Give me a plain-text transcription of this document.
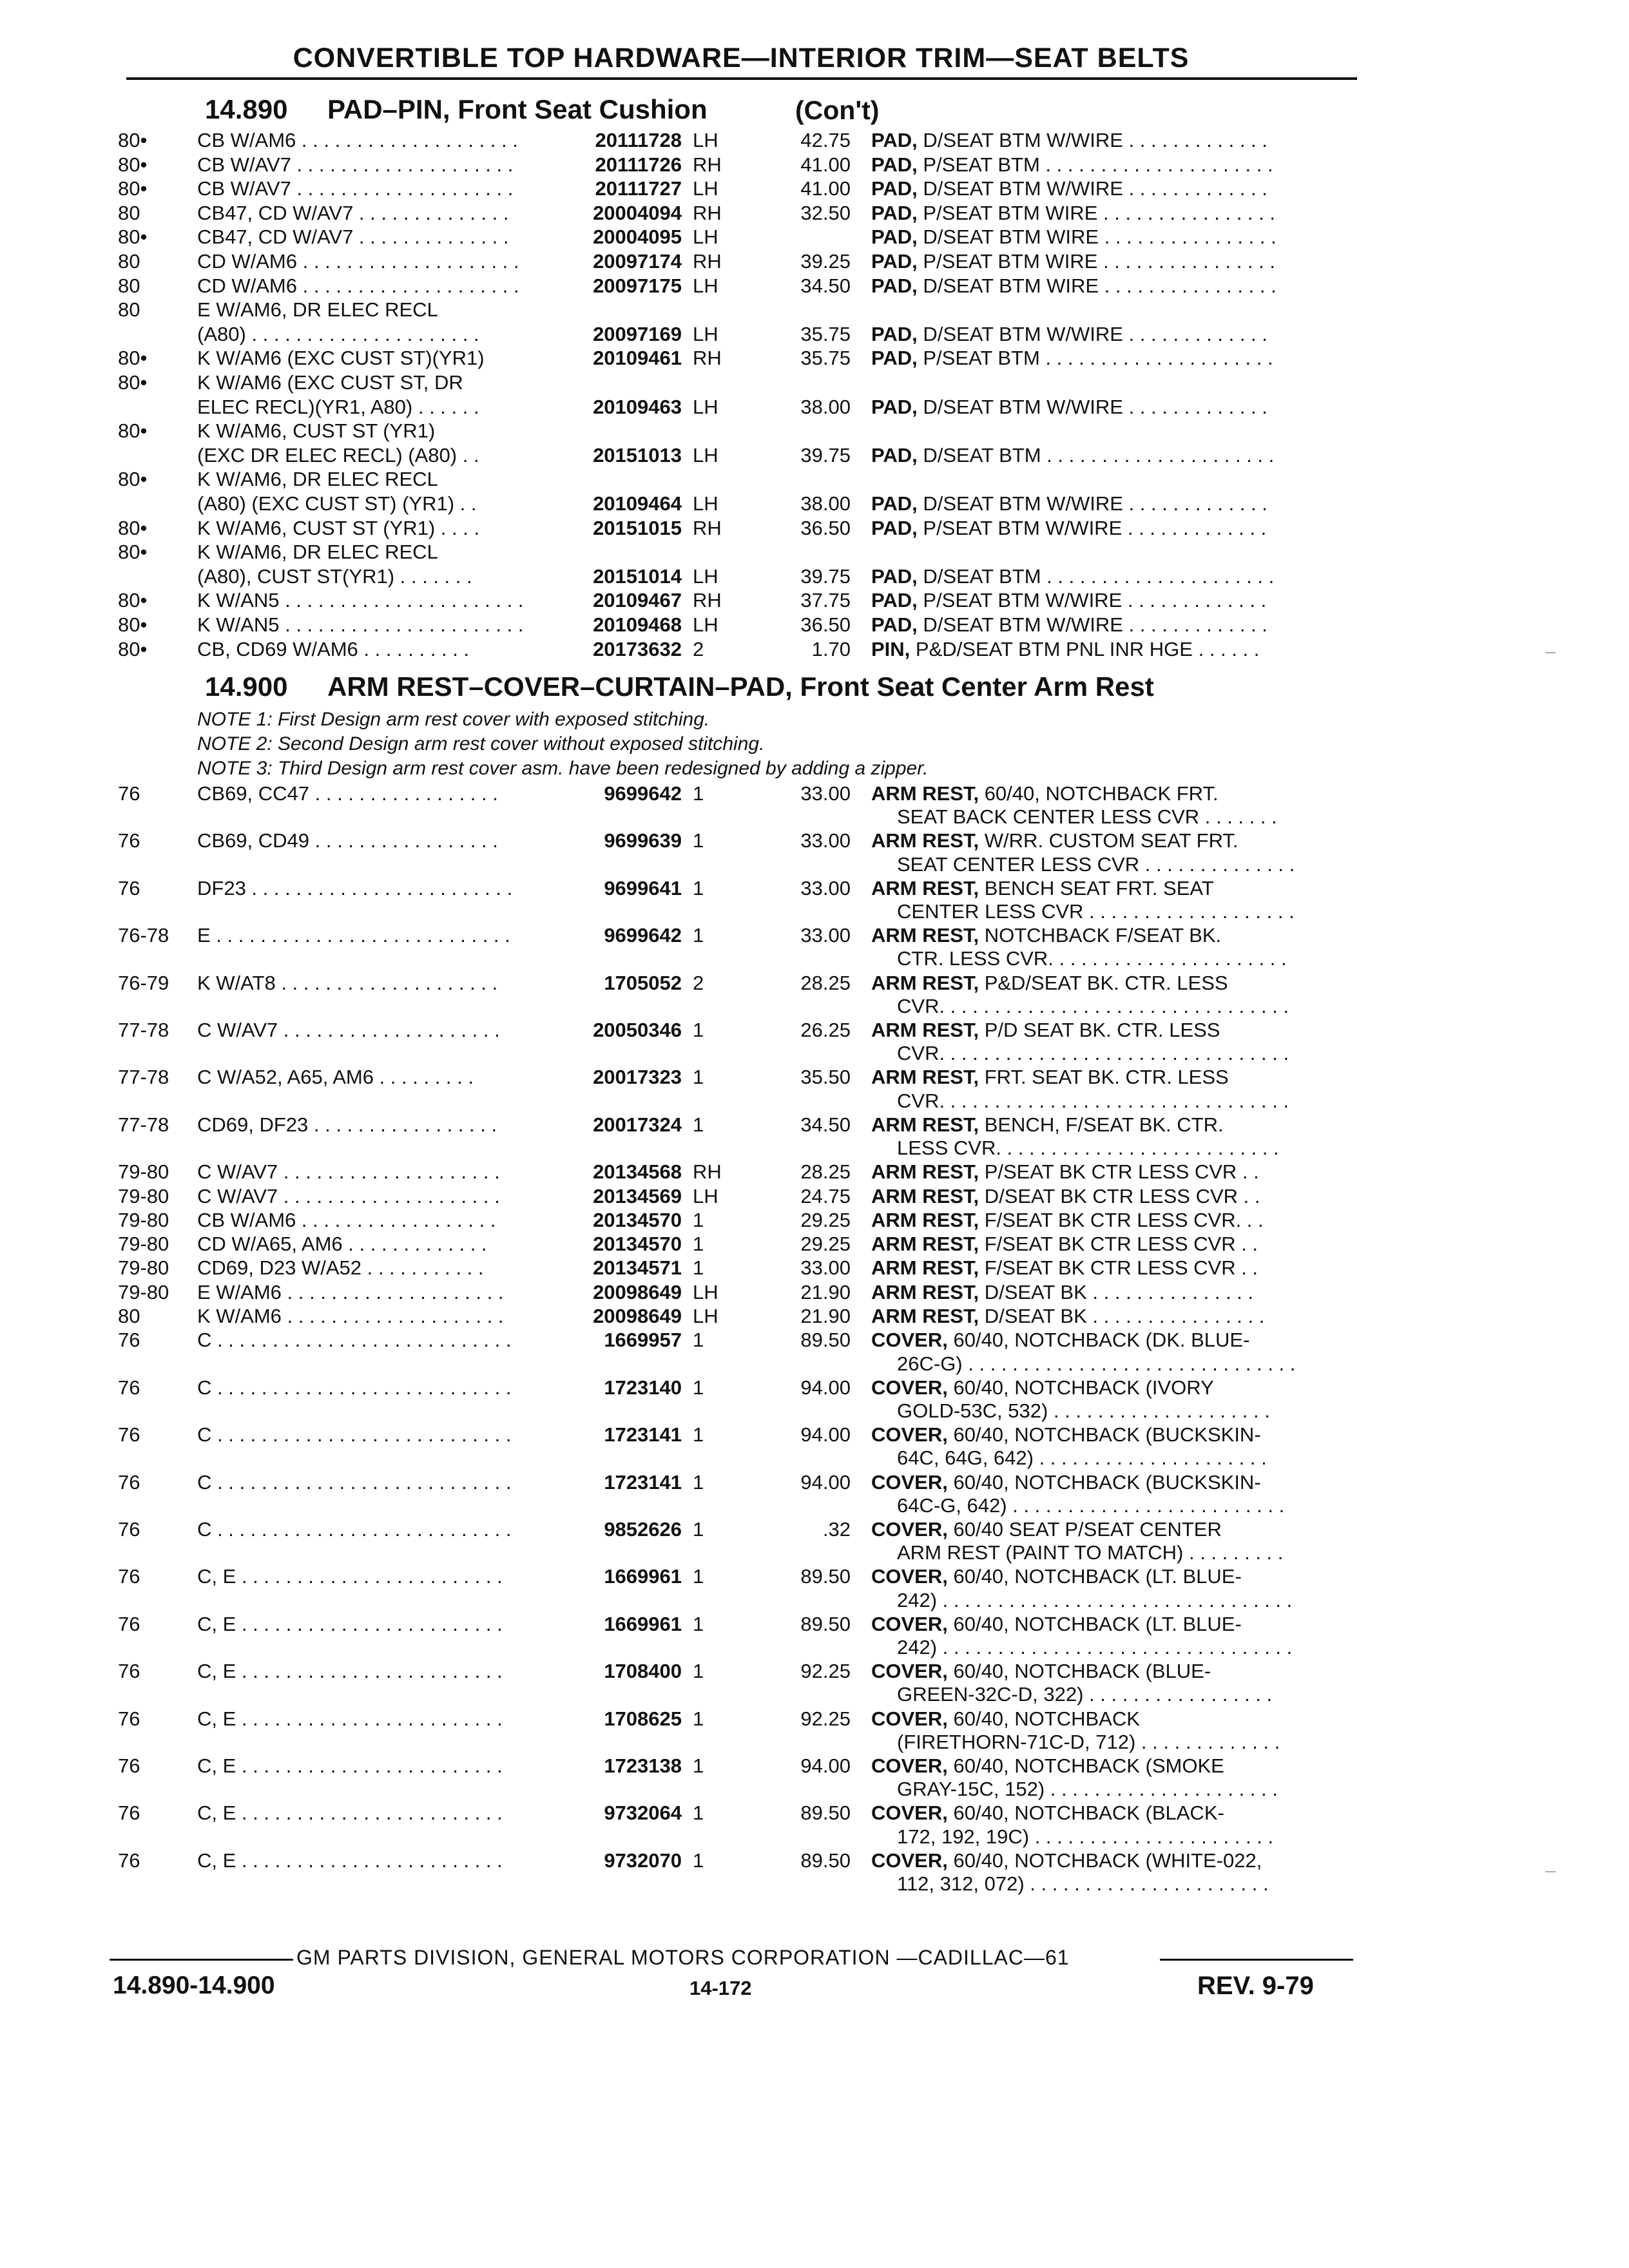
CONVERTIBLE TOP HARDWARE—INTERIOR TRIM—SEAT BELTS
14.890 PAD–PIN, Front Seat Cushion	(Con't)
80•	CB W/AM6 . . . . . . . . . . . . . . . . . . . .	20111728 LH	42.75 PAD, D/SEAT BTM W/WIRE . . . . . . . . . . . . .
80•	CB W/AV7 . . . . . . . . . . . . . . . . . . . .	20111726 RH	41.00 PAD, P/SEAT BTM . . . . . . . . . . . . . . . . . . . . .
80•	CB W/AV7 . . . . . . . . . . . . . . . . . . . .	20111727 LH	41.00 PAD, D/SEAT BTM W/WIRE . . . . . . . . . . . . .
80	CB47, CD W/AV7 . . . . . . . . . . . . . .	20004094 RH	32.50 PAD, P/SEAT BTM WIRE . . . . . . . . . . . . . . . .
80•	CB47, CD W/AV7 . . . . . . . . . . . . . .	20004095 LH	PAD, D/SEAT BTM WIRE . . . . . . . . . . . . . . . .
80	CD W/AM6 . . . . . . . . . . . . . . . . . . . .	20097174 RH	39.25 PAD, P/SEAT BTM WIRE . . . . . . . . . . . . . . . .
80	CD W/AM6 . . . . . . . . . . . . . . . . . . . .	20097175 LH	34.50 PAD, D/SEAT BTM WIRE . . . . . . . . . . . . . . . .
80	E W/AM6, DR ELEC RECL
(A80) . . . . . . . . . . . . . . . . . . . . .	20097169 LH	35.75 PAD, D/SEAT BTM W/WIRE . . . . . . . . . . . . .
80•	K W/AM6 (EXC CUST ST)(YR1)	20109461 RH	35.75 PAD, P/SEAT BTM . . . . . . . . . . . . . . . . . . . . .
80•	K W/AM6 (EXC CUST ST, DR
ELEC RECL)(YR1, A80) . . . . . .	20109463 LH	38.00 PAD, D/SEAT BTM W/WIRE . . . . . . . . . . . . .
80•	K W/AM6, CUST ST (YR1)
(EXC DR ELEC RECL) (A80) . .	20151013 LH	39.75 PAD, D/SEAT BTM . . . . . . . . . . . . . . . . . . . . .
80•	K W/AM6, DR ELEC RECL
(A80) (EXC CUST ST) (YR1) . .	20109464 LH	38.00 PAD, D/SEAT BTM W/WIRE . . . . . . . . . . . . .
80•	K W/AM6, CUST ST (YR1) . . . .	20151015 RH	36.50 PAD, P/SEAT BTM W/WIRE . . . . . . . . . . . . .
80•	K W/AM6, DR ELEC RECL
(A80), CUST ST(YR1) . . . . . . .	20151014 LH	39.75 PAD, D/SEAT BTM . . . . . . . . . . . . . . . . . . . . .
80•	K W/AN5 . . . . . . . . . . . . . . . . . . . . . .	20109467 RH	37.75 PAD, P/SEAT BTM W/WIRE . . . . . . . . . . . . .
80•	K W/AN5 . . . . . . . . . . . . . . . . . . . . . .	20109468 LH	36.50 PAD, D/SEAT BTM W/WIRE . . . . . . . . . . . . .
80•	CB, CD69 W/AM6 . . . . . . . . . .	20173632 2	1.70 PIN, P&D/SEAT BTM PNL INR HGE . . . . . .
14.900 ARM REST–COVER–CURTAIN–PAD, Front Seat Center Arm Rest
NOTE 1: First Design arm rest cover with exposed stitching.
NOTE 2: Second Design arm rest cover without exposed stitching.
NOTE 3: Third Design arm rest cover asm. have been redesigned by adding a zipper.
76	CB69, CC47 . . . . . . . . . . . . . . . . .	9699642 1	33.00 ARM REST, 60/40, NOTCHBACK FRT.
SEAT BACK CENTER LESS CVR . . . . . . .
76	CB69, CD49 . . . . . . . . . . . . . . . . .	9699639 1	33.00 ARM REST, W/RR. CUSTOM SEAT FRT.
SEAT CENTER LESS CVR . . . . . . . . . . . . . .
76	DF23 . . . . . . . . . . . . . . . . . . . . . . . .	9699641 1	33.00 ARM REST, BENCH SEAT FRT. SEAT
CENTER LESS CVR . . . . . . . . . . . . . . . . . . .
76-78	E . . . . . . . . . . . . . . . . . . . . . . . . . . .	9699642 1	33.00 ARM REST, NOTCHBACK F/SEAT BK.
CTR. LESS CVR. . . . . . . . . . . . . . . . . . . . . .
76-79	K W/AT8 . . . . . . . . . . . . . . . . . . . .	1705052 2	28.25 ARM REST, P&D/SEAT BK. CTR. LESS
CVR. . . . . . . . . . . . . . . . . . . . . . . . . . . . . . . .
77-78	C W/AV7 . . . . . . . . . . . . . . . . . . . .	20050346 1	26.25 ARM REST, P/D SEAT BK. CTR. LESS
CVR. . . . . . . . . . . . . . . . . . . . . . . . . . . . . . . .
77-78	C W/A52, A65, AM6 . . . . . . . . .	20017323 1	35.50 ARM REST, FRT. SEAT BK. CTR. LESS
CVR. . . . . . . . . . . . . . . . . . . . . . . . . . . . . . . .
77-78	CD69, DF23 . . . . . . . . . . . . . . . . .	20017324 1	34.50 ARM REST, BENCH, F/SEAT BK. CTR.
LESS CVR. . . . . . . . . . . . . . . . . . . . . . . . . .
79-80	C W/AV7 . . . . . . . . . . . . . . . . . . . .	20134568 RH	28.25 ARM REST, P/SEAT BK CTR LESS CVR . .
79-80	C W/AV7 . . . . . . . . . . . . . . . . . . . .	20134569 LH	24.75 ARM REST, D/SEAT BK CTR LESS CVR . .
79-80	CB W/AM6 . . . . . . . . . . . . . . . . . .	20134570 1	29.25 ARM REST, F/SEAT BK CTR LESS CVR. . .
79-80	CD W/A65, AM6 . . . . . . . . . . . . .	20134570 1	29.25 ARM REST, F/SEAT BK CTR LESS CVR . .
79-80	CD69, D23 W/A52 . . . . . . . . . . .	20134571 1	33.00 ARM REST, F/SEAT BK CTR LESS CVR . .
79-80	E W/AM6 . . . . . . . . . . . . . . . . . . . .	20098649 LH	21.90 ARM REST, D/SEAT BK . . . . . . . . . . . . . . .
80	K W/AM6 . . . . . . . . . . . . . . . . . . . .	20098649 LH	21.90 ARM REST, D/SEAT BK . . . . . . . . . . . . . . . .
76	C . . . . . . . . . . . . . . . . . . . . . . . . . . .	1669957 1	89.50 COVER, 60/40, NOTCHBACK (DK. BLUE-
26C-G) . . . . . . . . . . . . . . . . . . . . . . . . . . . . . .
76	C . . . . . . . . . . . . . . . . . . . . . . . . . . .	1723140 1	94.00 COVER, 60/40, NOTCHBACK (IVORY
GOLD-53C, 532) . . . . . . . . . . . . . . . . . . . .
76	C . . . . . . . . . . . . . . . . . . . . . . . . . . .	1723141 1	94.00 COVER, 60/40, NOTCHBACK (BUCKSKIN-
64C, 64G, 642) . . . . . . . . . . . . . . . . . . . . .
76	C . . . . . . . . . . . . . . . . . . . . . . . . . . .	1723141 1	94.00 COVER, 60/40, NOTCHBACK (BUCKSKIN-
64C-G, 642) . . . . . . . . . . . . . . . . . . . . . . . . .
76	C . . . . . . . . . . . . . . . . . . . . . . . . . . .	9852626 1	.32 COVER, 60/40 SEAT P/SEAT CENTER
ARM REST (PAINT TO MATCH) . . . . . . . . .
76	C, E . . . . . . . . . . . . . . . . . . . . . . . .	1669961 1	89.50 COVER, 60/40, NOTCHBACK (LT. BLUE-
242) . . . . . . . . . . . . . . . . . . . . . . . . . . . . . . . .
76	C, E . . . . . . . . . . . . . . . . . . . . . . . .	1669961 1	89.50 COVER, 60/40, NOTCHBACK (LT. BLUE-
242) . . . . . . . . . . . . . . . . . . . . . . . . . . . . . . . .
76	C, E . . . . . . . . . . . . . . . . . . . . . . . .	1708400 1	92.25 COVER, 60/40, NOTCHBACK (BLUE-
GREEN-32C-D, 322) . . . . . . . . . . . . . . . . .
76	C, E . . . . . . . . . . . . . . . . . . . . . . . .	1708625 1	92.25 COVER, 60/40, NOTCHBACK
(FIRETHORN-71C-D, 712) . . . . . . . . . . . . .
76	C, E . . . . . . . . . . . . . . . . . . . . . . . .	1723138 1	94.00 COVER, 60/40, NOTCHBACK (SMOKE
GRAY-15C, 152) . . . . . . . . . . . . . . . . . . . . .
76	C, E . . . . . . . . . . . . . . . . . . . . . . . .	9732064 1	89.50 COVER, 60/40, NOTCHBACK (BLACK-
172, 192, 19C) . . . . . . . . . . . . . . . . . . . . . .
76	C, E . . . . . . . . . . . . . . . . . . . . . . . .	9732070 1	89.50 COVER, 60/40, NOTCHBACK (WHITE-022,
112, 312, 072) . . . . . . . . . . . . . . . . . . . . . .
GM PARTS DIVISION, GENERAL MOTORS CORPORATION —CADILLAC—61
14.890-14.900	14-172	REV. 9-79
